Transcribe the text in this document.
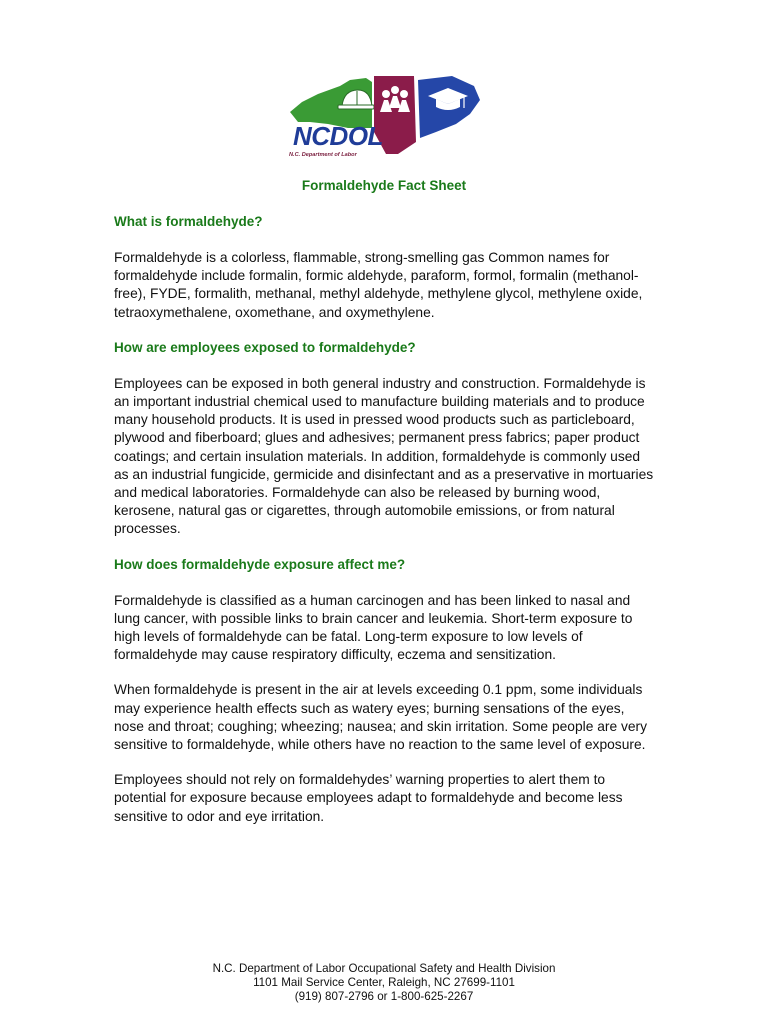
NCDOL
N.C. Department of Labor
Formaldehyde Fact Sheet
What is formaldehyde?

Formaldehyde is a colorless, flammable, strong-smelling gas Common names for formaldehyde include formalin, formic aldehyde, paraform, formol, formalin (methanol-free), FYDE, formalith, methanal, methyl aldehyde, methylene glycol, methylene oxide, tetraoxymethalene, oxomethane, and oxymethylene.

How are employees exposed to formaldehyde?

Employees can be exposed in both general industry and construction. Formaldehyde is an important industrial chemical used to manufacture building materials and to produce many household products. It is used in pressed wood products such as particleboard, plywood and fiberboard; glues and adhesives; permanent press fabrics; paper product coatings; and certain insulation materials. In addition, formaldehyde is commonly used as an industrial fungicide, germicide and disinfectant and as a preservative in mortuaries and medical laboratories. Formaldehyde can also be released by burning wood, kerosene, natural gas or cigarettes, through automobile emissions, or from natural processes.

How does formaldehyde exposure affect me?

Formaldehyde is classified as a human carcinogen and has been linked to nasal and lung cancer, with possible links to brain cancer and leukemia. Short-term exposure to high levels of formaldehyde can be fatal. Long-term exposure to low levels of formaldehyde may cause respiratory difficulty, eczema and sensitization.

When formaldehyde is present in the air at levels exceeding 0.1 ppm, some individuals may experience health effects such as watery eyes; burning sensations of the eyes, nose and throat; coughing; wheezing; nausea; and skin irritation. Some people are very sensitive to formaldehyde, while others have no reaction to the same level of exposure.

Employees should not rely on formaldehydes’ warning properties to alert them to potential for exposure because employees adapt to formaldehyde and become less sensitive to odor and eye irritation.

N.C. Department of Labor Occupational Safety and Health Division
1101 Mail Service Center, Raleigh, NC 27699-1101
(919) 807-2796 or 1-800-625-2267
